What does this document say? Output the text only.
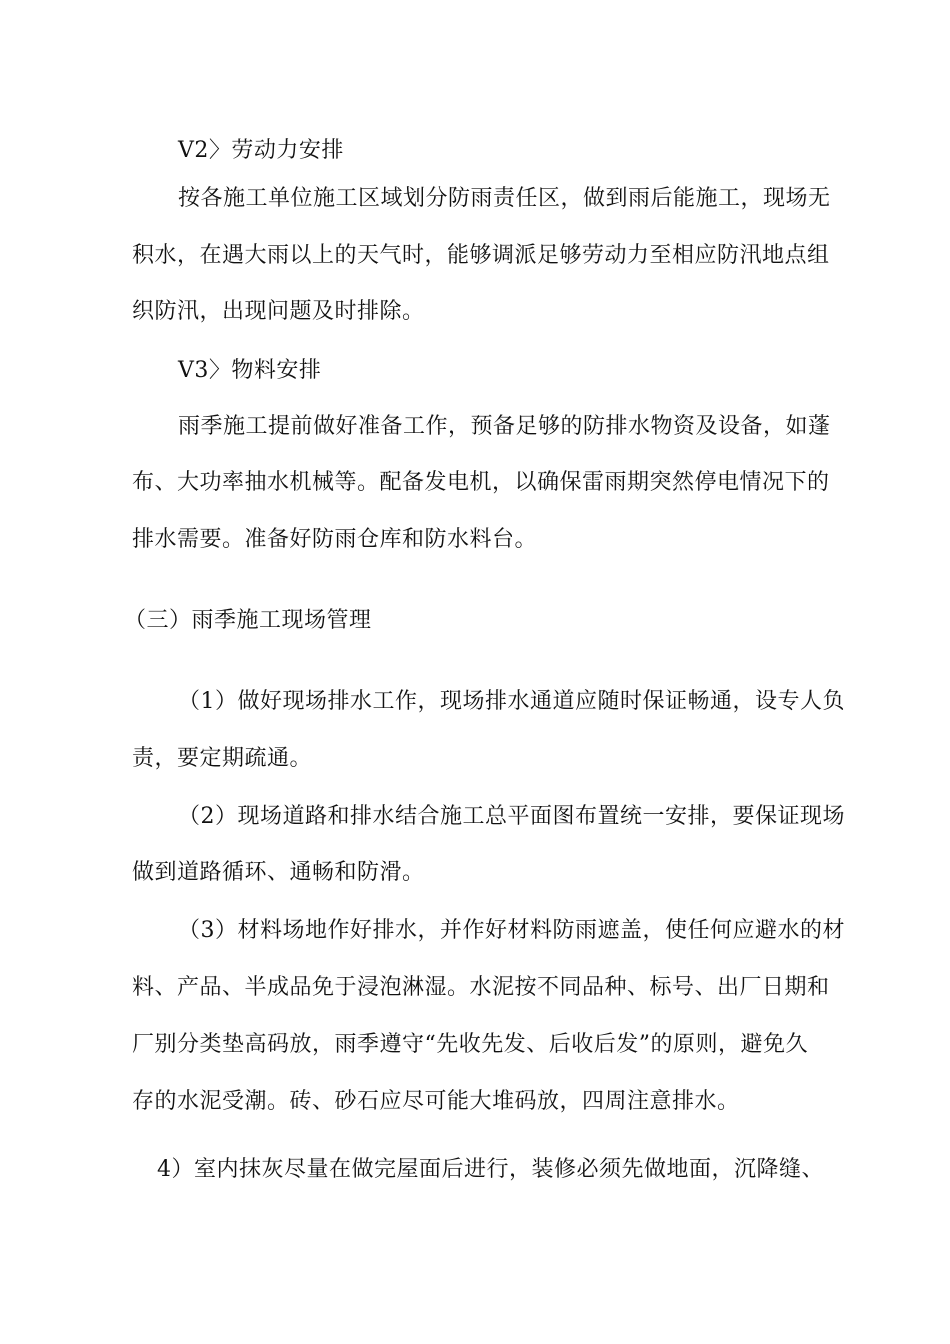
V2〉劳动力安排

按各施工单位施工区域划分防雨责任区，做到雨后能施工，现场无

积水，在遇大雨以上的天气时，能够调派足够劳动力至相应防汛地点组

织防汛，出现问题及时排除。

V3〉物料安排

雨季施工提前做好准备工作，预备足够的防排水物资及设备，如蓬

布、大功率抽水机械等。配备发电机，以确保雷雨期突然停电情况下的

排水需要。准备好防雨仓库和防水料台。

（三）雨季施工现场管理

（1）做好现场排水工作，现场排水通道应随时保证畅通，设专人负

责，要定期疏通。

（2）现场道路和排水结合施工总平面图布置统一安排，要保证现场

做到道路循环、通畅和防滑。

（3）材料场地作好排水，并作好材料防雨遮盖，使任何应避水的材

料、产品、半成品免于浸泡淋湿。水泥按不同品种、标号、出厂日期和

厂别分类垫高码放，雨季遵守“先收先发、后收后发”的原则，避免久

存的水泥受潮。砖、砂石应尽可能大堆码放，四周注意排水。

4）室内抹灰尽量在做完屋面后进行，装修必须先做地面，沉降缝、
